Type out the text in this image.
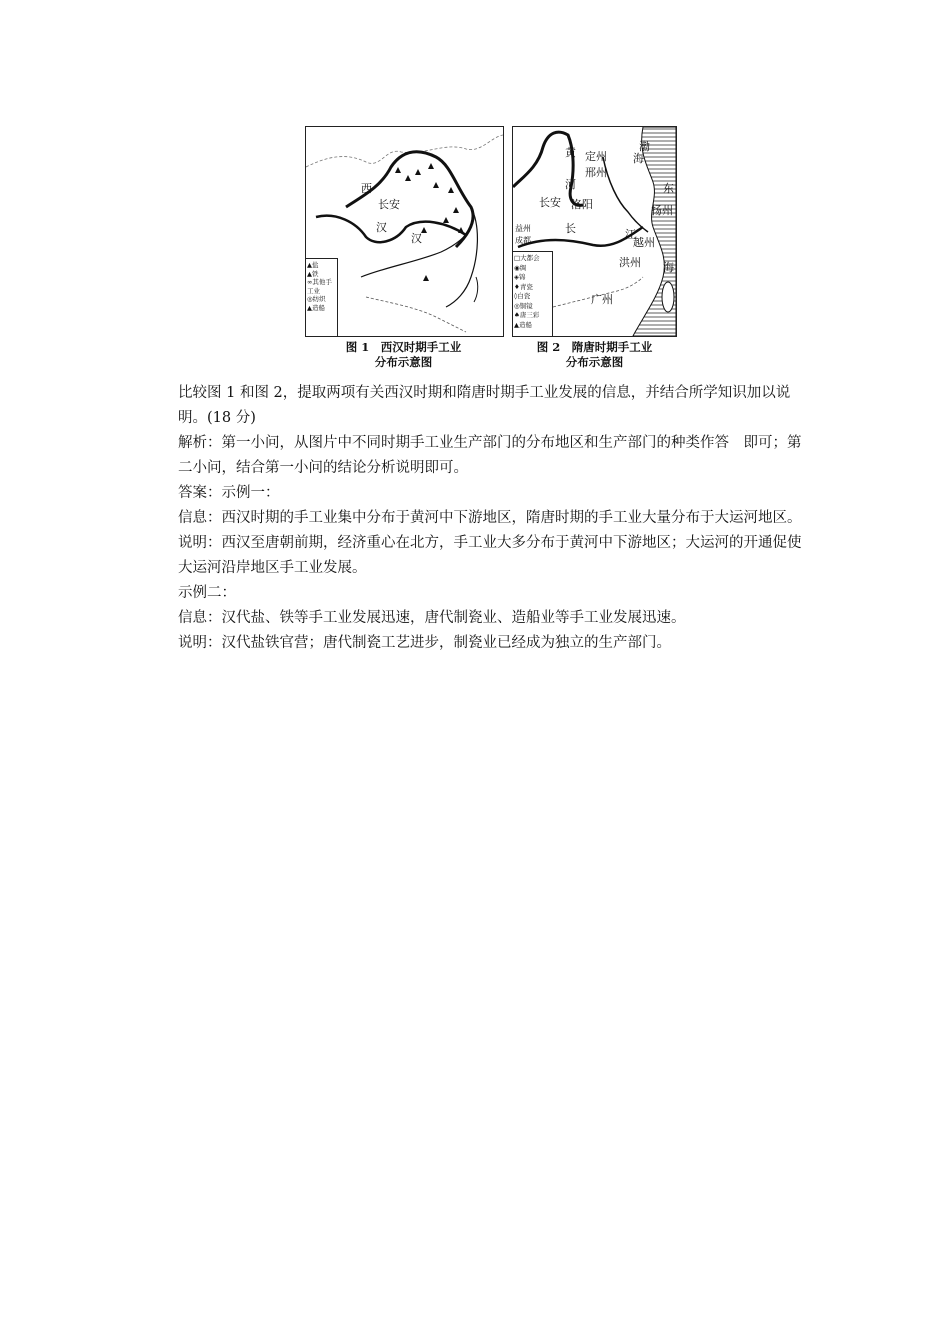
西
长安
汉
汉
▲盐
▲铁
∞其他手
工业
◎纺织
▲造船
黄
河
定州
邢州
长安 洛阳
渤
海
东
扬州
长	江
越州
洪州 海
广州
益州
成都
□大都会
◉绸
◈锦
♦青瓷
◊白瓷
◎铜镜
♠唐三彩
▲造船
图 1　西汉时期手工业
分布示意图
图 2　隋唐时期手工业
分布示意图

比较图 1 和图 2，提取两项有关西汉时期和隋唐时期手工业发展的信息，并结合所学知识加以说明。(18 分)

解析：第一小问，从图片中不同时期手工业生产部门的分布地区和生产部门的种类作答　即可；第二小问，结合第一小问的结论分析说明即可。

答案：示例一：

信息：西汉时期的手工业集中分布于黄河中下游地区，隋唐时期的手工业大量分布于大运河地区。

说明：西汉至唐朝前期，经济重心在北方，手工业大多分布于黄河中下游地区；大运河的开通促使大运河沿岸地区手工业发展。

示例二：

信息：汉代盐、铁等手工业发展迅速，唐代制瓷业、造船业等手工业发展迅速。

说明：汉代盐铁官营；唐代制瓷工艺进步，制瓷业已经成为独立的生产部门。
